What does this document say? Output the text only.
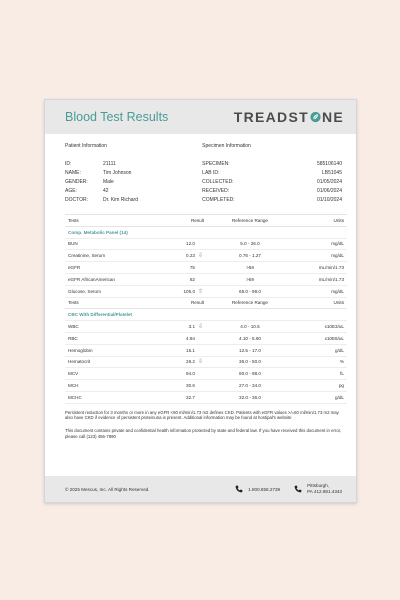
Blood Test Results	TREADST NE
Patient Information
ID:	21111
NAME:	Tim Johnson
GENDER:	Male
AGE:	42
DOCTOR:	Dr. Kim Richard
Specimen Information
SPECIMEN:	585106140
LAB ID:	LB51045
COLLECTED:	01/05/2024
RECEIVED:	01/06/2024
COMPLETED:	01/10/2024
Tests	Result	Reference Range	Units
Comp. Metabolic Panel (14)			
BUN	12.0	5.0 - 26.0	mg/dL
Creatinine, Serum	0.23 ⇩	0.76 - 1.27	mg/dL
eGFR	75	>59	mL/min/1.73
eGFR AfricanAmerican	62	>59	mL/min/1.73
Glucose, Serum	105.0 ⇧	65.0 - 99.0	mg/dL
Tests	Result	Reference Range	Units
CBC With Differential/Platelet			
WBC	3.1 ⇩	4.0 - 10.5	x10E3/uL
RBC	4.94	4.10 - 5.60	x10E6/uL
Hemoglobin	15.1	12.5 - 17.0	g/dL
Hematocrit	26.2 ⇩	36.0 - 50.0	%
MCV	94.0	80.0 - 98.0	fL
MCH	30.6	27.0 - 34.0	pg
MCHC	32.7	32.0 - 36.0	g/dL
Persistent reduction for 3 months or more in any eGFR <60 ml/min/1.73 m2 defines CKD. Patients with eGFR values >/=60 ml/min/1.73 m2 may also have CKD if evidence of persistent proteinuria is present. Additional information may be found at hostipal's website
This document contains private and confidential health information protected by state and federal law. If you have received this document in error, please call (123) 456-7890
© 2025 Mescus, Inc. All Rights Reserved.	1.800.858.2739
Pittsburgh,
PA 412.881.4343
